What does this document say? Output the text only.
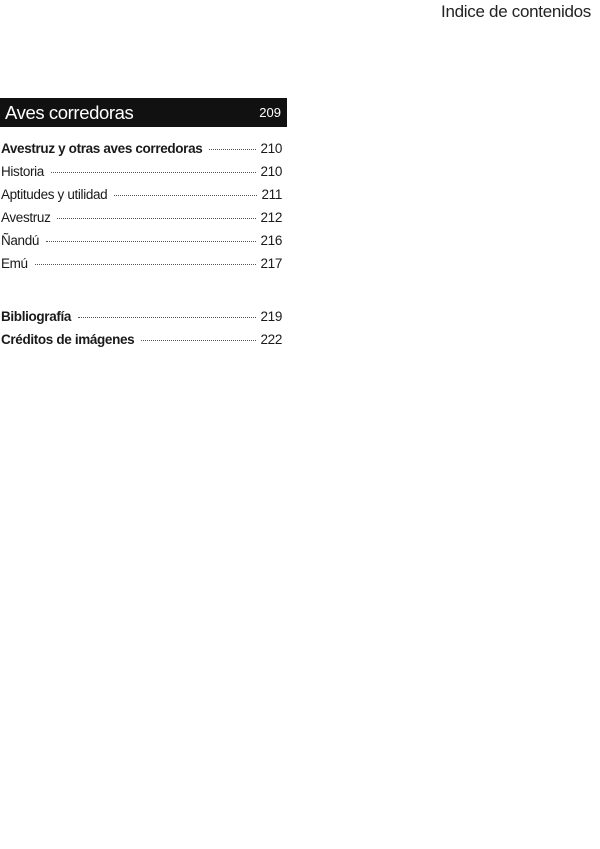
Indice de contenidos
Aves corredoras	209
Avestruz y otras aves corredoras	210
Historia	210
Aptitudes y utilidad	211
Avestruz	212
Ñandú	216
Emú	217
Bibliografía	219
Créditos de imágenes	222
